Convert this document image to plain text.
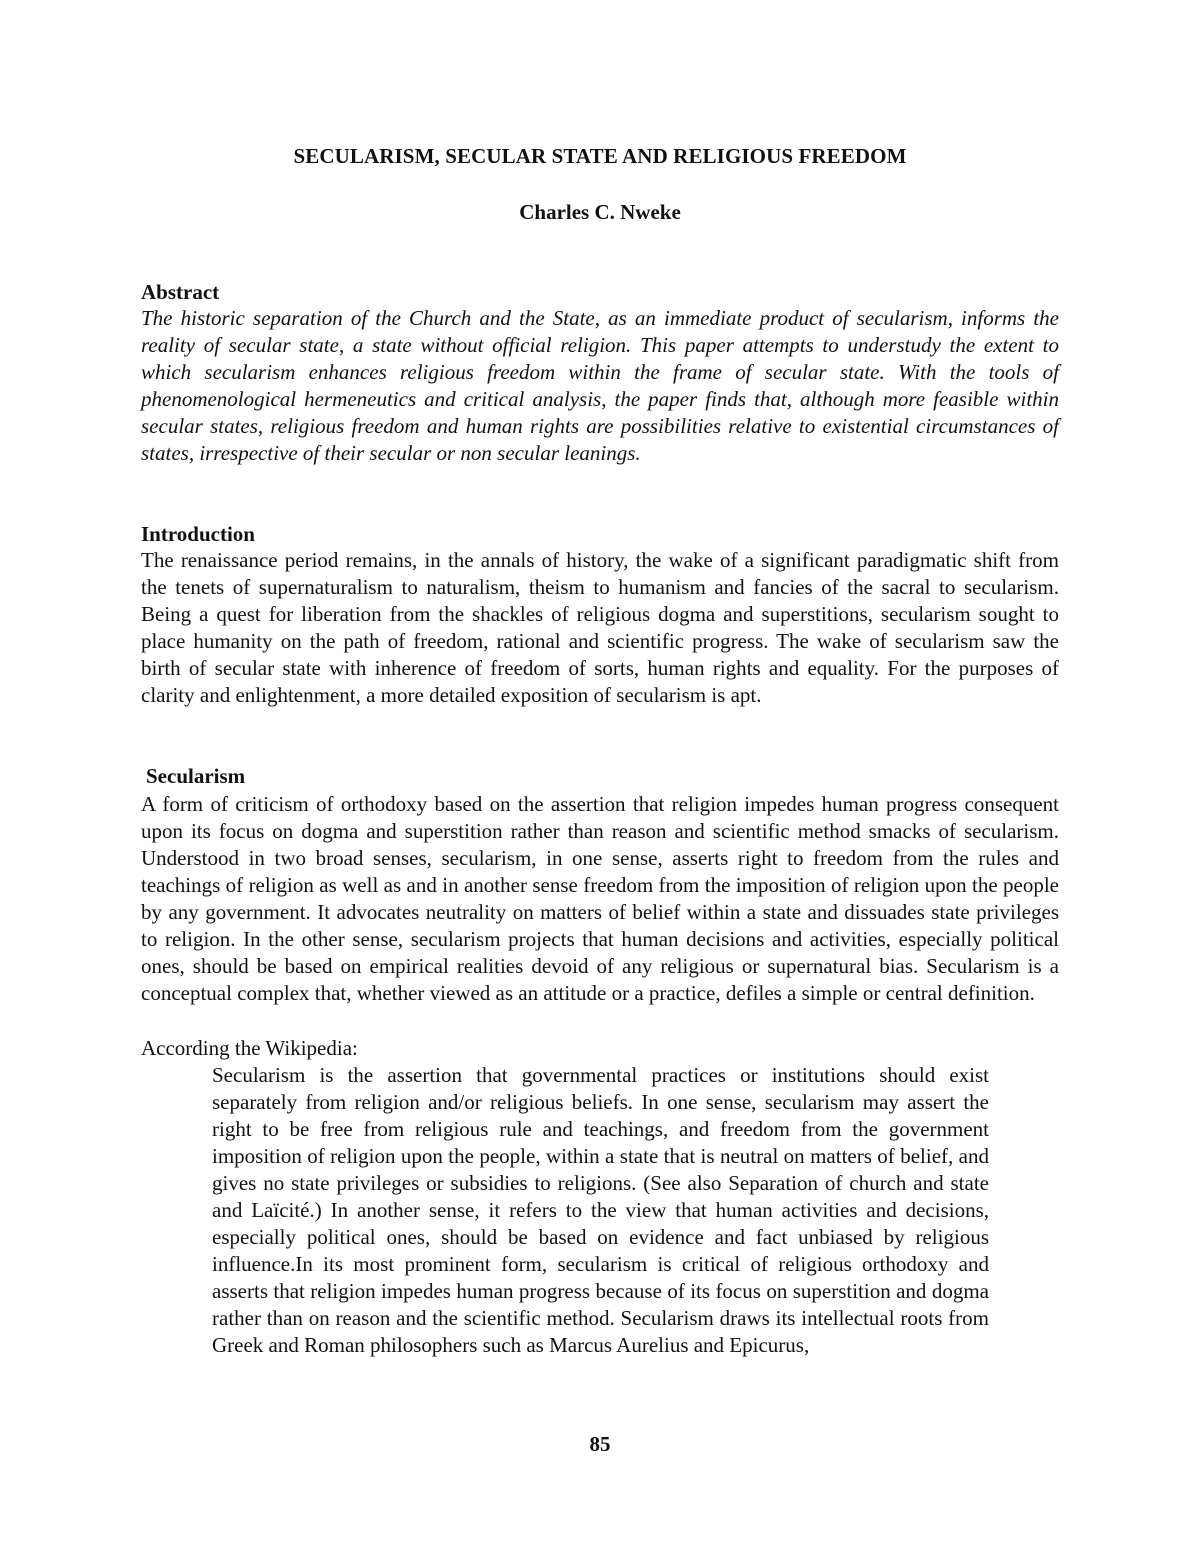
SECULARISM, SECULAR STATE AND RELIGIOUS FREEDOM
Charles C. Nweke
Abstract
The historic separation of the Church and the State, as an immediate product of secularism, informs the reality of secular state, a state without official religion. This paper attempts to understudy the extent to which secularism enhances religious freedom within the frame of secular state. With the tools of phenomenological hermeneutics and critical analysis, the paper finds that, although more feasible within secular states, religious freedom and human rights are possibilities relative to existential circumstances of states, irrespective of their secular or non secular leanings.
Introduction
The renaissance period remains, in the annals of history, the wake of a significant paradigmatic shift from the tenets of supernaturalism to naturalism, theism to humanism and fancies of the sacral to secularism. Being a quest for liberation from the shackles of religious dogma and superstitions, secularism sought to place humanity on the path of freedom, rational and scientific progress. The wake of secularism saw the birth of secular state with inherence of freedom of sorts, human rights and equality. For the purposes of clarity and enlightenment, a more detailed exposition of secularism is apt.
Secularism
A form of criticism of orthodoxy based on the assertion that religion impedes human progress consequent upon its focus on dogma and superstition rather than reason and scientific method smacks of secularism. Understood in two broad senses, secularism, in one sense, asserts right to freedom from the rules and teachings of religion as well as and in another sense freedom from the imposition of religion upon the people by any government. It advocates neutrality on matters of belief within a state and dissuades state privileges to religion. In the other sense, secularism projects that human decisions and activities, especially political ones, should be based on empirical realities devoid of any religious or supernatural bias. Secularism is a conceptual complex that, whether viewed as an attitude or a practice, defiles a simple or central definition.
According the Wikipedia:
Secularism is the assertion that governmental practices or institutions should exist separately from religion and/or religious beliefs. In one sense, secularism may assert the right to be free from religious rule and teachings, and freedom from the government imposition of religion upon the people, within a state that is neutral on matters of belief, and gives no state privileges or subsidies to religions. (See also Separation of church and state and Laïcité.) In another sense, it refers to the view that human activities and decisions, especially political ones, should be based on evidence and fact unbiased by religious influence.In its most prominent form, secularism is critical of religious orthodoxy and asserts that religion impedes human progress because of its focus on superstition and dogma rather than on reason and the scientific method. Secularism draws its intellectual roots from Greek and Roman philosophers such as Marcus Aurelius and Epicurus,
85
